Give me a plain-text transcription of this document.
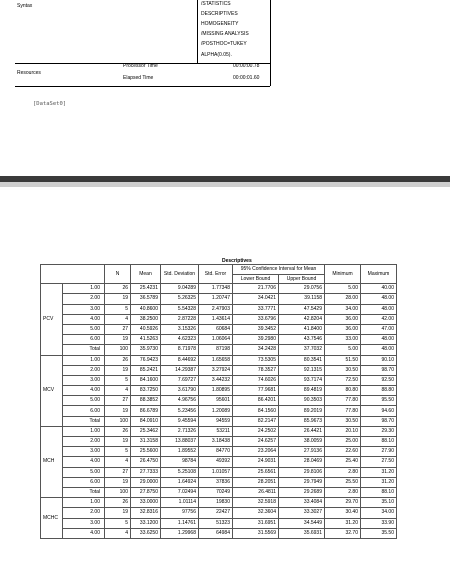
Syntax	/STATISTICS
DESCRIPTIVES
HOMOGENEITY
/MISSING ANALYSIS
/POSTHOC=TUKEY
ALPHA(0.05).
Resources
Processor Time
Elapsed Time
00:00:00.78
00:00:01.60
[DataSet0]
Descriptives
		N	Mean	Std. Deviation	Std. Error	95% Confidence Interval for Mean		Minimum	Maximum
						Lower Bound	Upper Bound		
PCV	1.00	26	25.4231	9.04289	1.77348	21.7706	29.0756	5.00	40.00
	2.00	19	36.5789	5.26325	1.20747	34.0421	39.1158	28.00	48.00
	3.00	5	40.8600	5.54328	2.47903	33.7771	47.5429	34.00	48.00
	4.00	4	38.2500	2.87228	1.43614	33.6796	42.8204	36.00	42.00
	5.00	27	40.5926	3.15326	60684	39.3452	41.8400	36.00	47.00
	6.00	19	41.5263	4.62323	1.06064	39.2980	43.7546	33.00	48.00
	Total	100	35.9730	8.71978	87198	34.2428	37.7032	5.00	48.00
MCV	1.00	26	76.9423	8.44692	1.65658	73.5305	80.3541	51.50	90.10
	2.00	19	85.2421	14.29387	3.27924	78.3527	92.1315	30.50	98.70
	3.00	5	84.1600	7.69727	3.44232	74.6026	93.7174	72.50	92.50
	4.00	4	83.7250	3.61790	1.80895	77.9681	89.4819	80.80	88.80
	5.00	27	88.3852	4.96756	95601	86.4201	90.3503	77.80	95.50
	6.00	19	86.6789	5.23456	1.20089	84.1560	89.2019	77.80	94.60
	Total	100	84.0910	9.45594	94559	82.2147	85.9673	30.50	98.70
MCH	1.00	26	25.3462	2.71326	53211	24.2502	26.4421	20.10	29.30
	2.00	19	31.3158	13.88037	3.18438	24.6257	38.0059	25.00	88.10
	3.00	5	25.5600	1.89552	84770	23.2064	27.9136	22.60	27.90
	4.00	4	26.4750	98784	49392	24.9031	28.0469	25.40	27.50
	5.00	27	27.7333	5.25108	1.01057	25.6561	29.8106	2.80	31.20
	6.00	19	29.0000	1.64924	37836	28.2051	29.7949	25.50	31.20
	Total	100	27.8750	7.02494	70249	26.4811	29.2689	2.80	88.10
MCHC	1.00	26	33.0000	1.01114	19830	32.5918	33.4084	29.70	35.10
	2.00	19	32.8316	97756	22427	32.3604	33.3027	30.40	34.00
	3.00	5	33.1200	1.14761	51323	31.6951	34.5449	31.20	33.90
	4.00	4	33.6250	1.29968	64984	31.5569	35.6931	32.70	35.50
